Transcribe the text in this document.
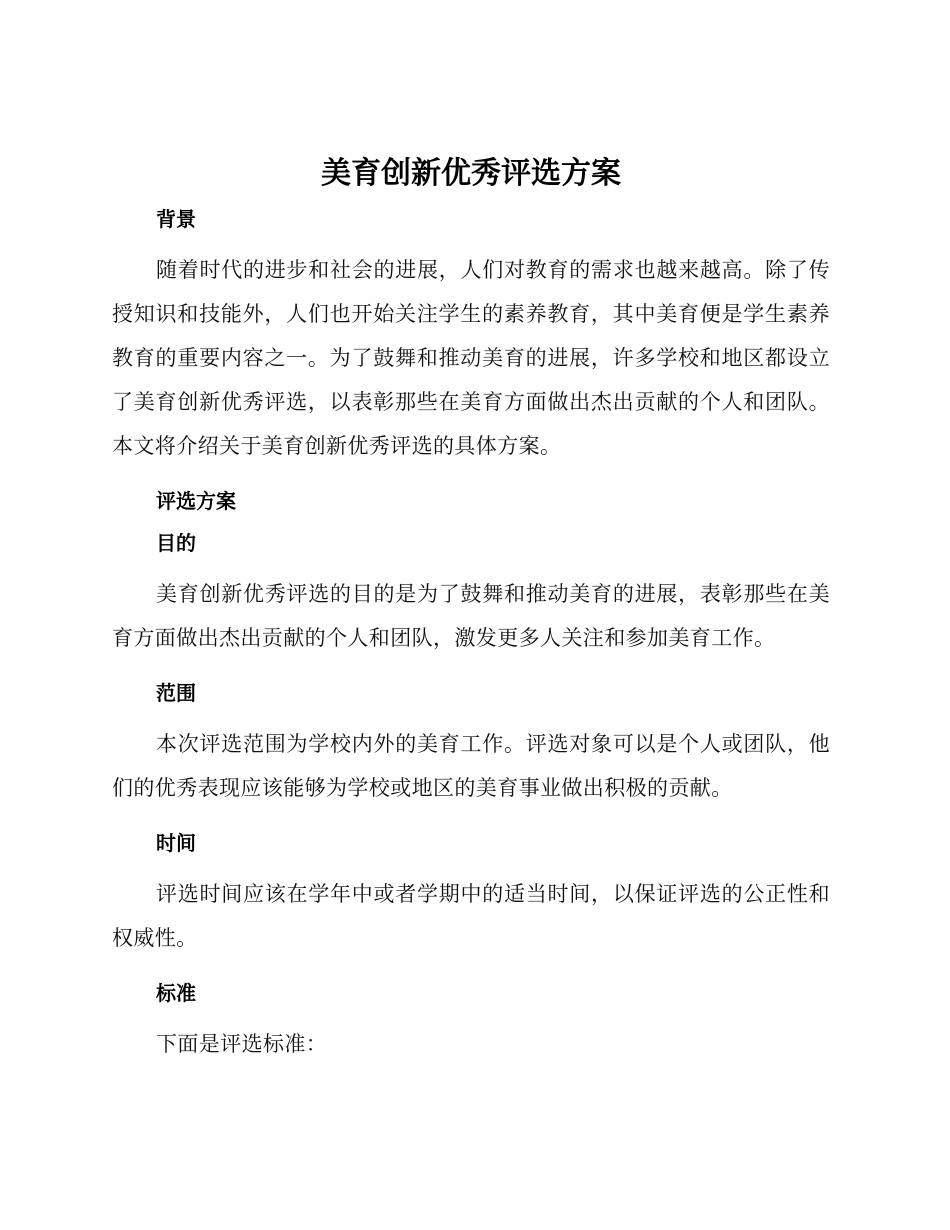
美育创新优秀评选方案
背景

随着时代的进步和社会的进展，人们对教育的需求也越来越高。除了传授知识和技能外，人们也开始关注学生的素养教育，其中美育便是学生素养教育的重要内容之一。为了鼓舞和推动美育的进展，许多学校和地区都设立了美育创新优秀评选，以表彰那些在美育方面做出杰出贡献的个人和团队。本文将介绍关于美育创新优秀评选的具体方案。

评选方案
目的

美育创新优秀评选的目的是为了鼓舞和推动美育的进展，表彰那些在美育方面做出杰出贡献的个人和团队，激发更多人关注和参加美育工作。

范围

本次评选范围为学校内外的美育工作。评选对象可以是个人或团队，他们的优秀表现应该能够为学校或地区的美育事业做出积极的贡献。

时间

评选时间应该在学年中或者学期中的适当时间，以保证评选的公正性和权威性。

标准

下面是评选标准：
